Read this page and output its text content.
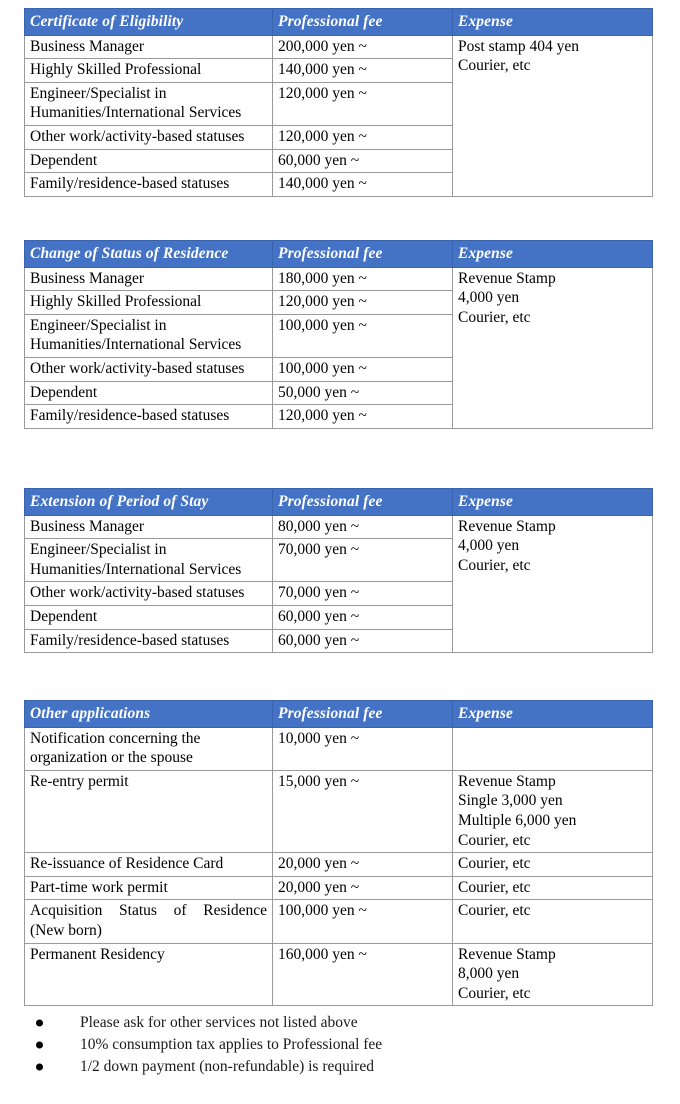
Certificate of Eligibility	Professional fee	Expense
Business Manager	200,000 yen ~	Post stamp 404 yen
Courier, etc

Highly Skilled Professional	140,000 yen ~	
Engineer/Specialist in Humanities/International Services	120,000 yen ~	
Other work/activity-based statuses	120,000 yen ~	
Dependent	60,000 yen ~	
Family/residence-based statuses	140,000 yen ~	
Change of Status of Residence	Professional fee	Expense
Business Manager	180,000 yen ~	Revenue Stamp
4,000 yen
Courier, etc

Highly Skilled Professional	120,000 yen ~	
Engineer/Specialist in Humanities/International Services	100,000 yen ~	
Other work/activity-based statuses	100,000 yen ~	
Dependent	50,000 yen ~	
Family/residence-based statuses	120,000 yen ~	
Extension of Period of Stay	Professional fee	Expense
Business Manager	80,000 yen ~	Revenue Stamp
4,000 yen
Courier, etc

Engineer/Specialist in Humanities/International Services	70,000 yen ~	
Other work/activity-based statuses	70,000 yen ~	
Dependent	60,000 yen ~	
Family/residence-based statuses	60,000 yen ~	
Other applications	Professional fee	Expense
Notification concerning the organization or the spouse	10,000 yen ~	
Re-entry permit	15,000 yen ~	Revenue Stamp
Single 3,000 yen
Multiple 6,000 yen
Courier, etc

Re-issuance of Residence Card	20,000 yen ~	Courier, etc

Part-time work permit	20,000 yen ~	Courier, etc

Acquisition Status of Residence
(New born)	100,000 yen ~	Courier, etc

Permanent Residency	160,000 yen ~	Revenue Stamp
8,000 yen
Courier, etc
Please ask for other services not listed above
10% consumption tax applies to Professional fee
1/2 down payment (non-refundable) is required
